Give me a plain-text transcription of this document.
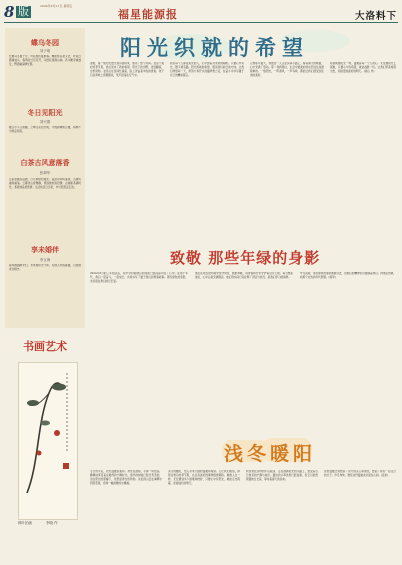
8 版	2024年6月21日 星期五
福星能源报	大洛料下
蝶乌冬园
刘子明
红螺乌冬夏子分，叶底相连复醉春。蝶影绕花来又去，叶底红霞满枝头。春风吹过百花开，鸟语花香满山林。乔木嫩芽重叠生，野径幽深晴光照。
冬日见阳光
刘兴德
暖冬小斗又照耀，之晴冬见阳光明，今晨新晴照日暖，杨柳不为寒意所阻。
白茶古风意落香
张翠华
古茶更碗流底图，行元种度焙微光。高处动冲风盖寄，古树风霜寒重荡。云雾绕山香雅静，青莲缕吹淡旧情。古树新茶满风光，茶香细品悠然情。生活快意日日新，岁月悠悠意正浓。
享未婚伴
李玉海
春风拂面醉未归，未来相伴志不休，有情人终成眷属，白首偕老共相守。
阳光织就的希望
清晨，第一缕阳光透过窗帘洒进来，照亮了整个房间。在这个美好的季节里，我们迎来了新的希望。阳光下的田野，麦浪翻滚，生机勃勃。农民们在田间忙碌着，脸上洋溢着丰收的喜悦。孩子们在草地上奔跑嬉戏，笑声回荡在空气中。
我们每个人都是追光的人，心中装着对未来的期盼。只要心中有光，脚下就有路。阳光织就的希望，照亮我们前行的方向。让我们珍惜每一天，用努力和汗水浇灌梦想之花，在奋斗中书写属于自己的精彩篇章。
记得那年夏天，我独自一人走在乡间小路上，看着满天的晚霞，心中充满了感动。那一刻我明白，生活中最美好的东西往往是最简单的。一缕阳光，一阵清风，一声鸟鸣，都能让我们感受到生命的美好。
希望就像阳光一样，温暖着每一个人的心。无论遇到什么困难，只要心中有希望，就能战胜一切。让我们带着希望出发，迎接更加美好的明天。(梁山 作)
致敬 那些年绿的身影
2024年6月的三年级以后，在中学时期我们的身影已经深深印在了心中。在那个年代，我们一起奋斗，一起成长，共同书写了属于我们的青春故事。那些绿色的身影，永远留在我们的记忆里。
他们在艰苦的环境中坚守岗位，默默奉献，用青春和汗水守护着这片土地。每当想起他们，心中总是充满敬意。他们用实际行动诠释了责任与担当，是我们学习的榜样。
岁月流逝，那些绿色的身影渐渐远去，但他们的精神永远激励着我们。向他们致敬，向那个火热的年代致敬。(杨军)
书画艺术
浅冬暖阳
冬日的午后，阳光温暖而柔和。我坐在窗前，手捧一杯热茶，静静地享受着这难得的宁静时光。窗外的树枝已经光秃秃的，但在阳光的照耀下，依然显得生机勃勃。远处的山峦在薄雾中若隐若现，宛如一幅淡雅的水墨画。
浅冬的暖阳，给人带来无限的温暖和希望。它让我们相信，即使在寒冷的季节里，也总有美好的事物值得期待。就像人生一样，无论遇到多少困难和挫折，只要心中有阳光，就能走出阴霾，迎接灿烂的明天。
我喜欢在这样的午后散步，走在洒满阳光的小路上，感受着冬日独有的宁静与美好。路边的小草虽然已经枯黄，但它们依然顽强地生长着，等待着春天的到来。
这份温暖让我想起了远方的亲人和朋友，想起了那些一起走过的日子。岁月匆匆，唯有这份温暖永远留在心间。(张来)
鲜叶拍画	李晓 作
